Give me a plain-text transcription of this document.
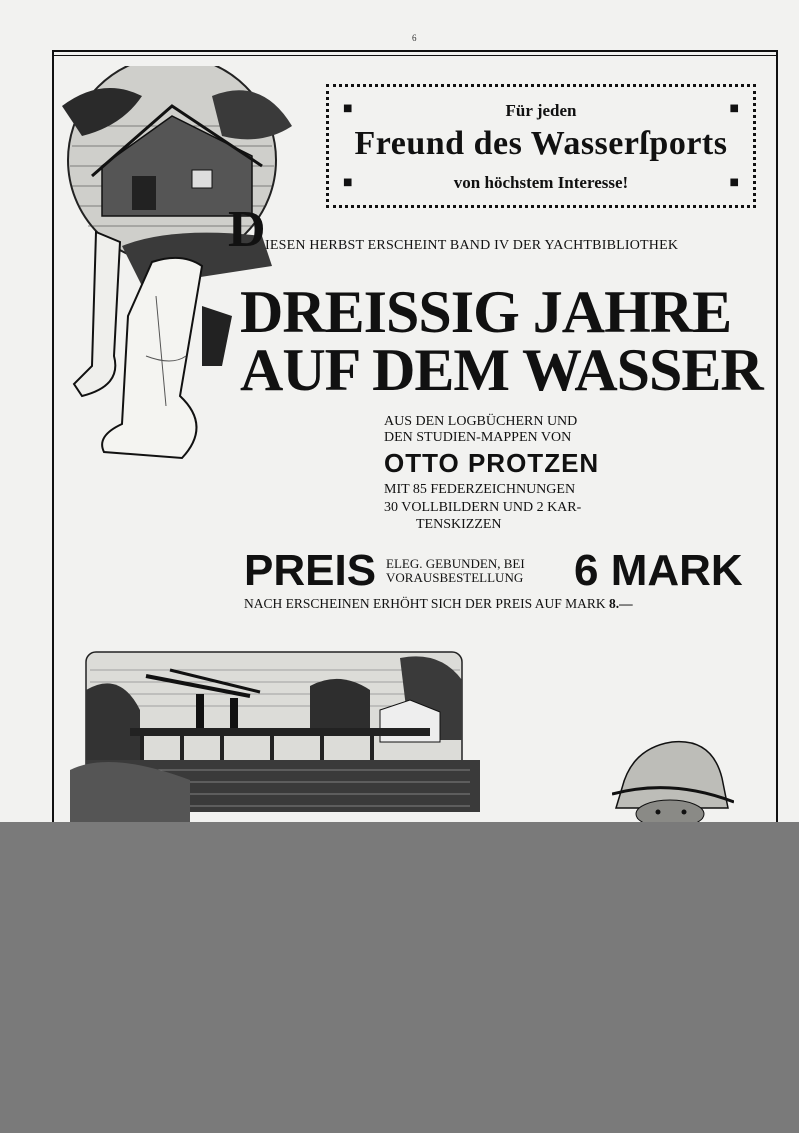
6
■	■
■	■
Für jeden
Freund des Wasserſports
von höchstem Interesse!
D IESEN HERBST ERSCHEINT BAND IV DER YACHTBIBLIOTHEK
DREISSIG JAHRE
AUF DEM WASSER
AUS DEN LOGBÜCHERN UND
DEN STUDIEN-MAPPEN VON
OTTO PROTZEN
MIT 85 FEDERZEICHNUNGEN
30 VOLLBILDERN UND 2 KAR-
TENSKIZZEN
PREIS ELEG. GEBUNDEN, BEI
VORAUSBESTELLUNG 6 MARK
NACH ERSCHEINEN ERHÖHT SICH DER PREIS AUF MARK 8.—
